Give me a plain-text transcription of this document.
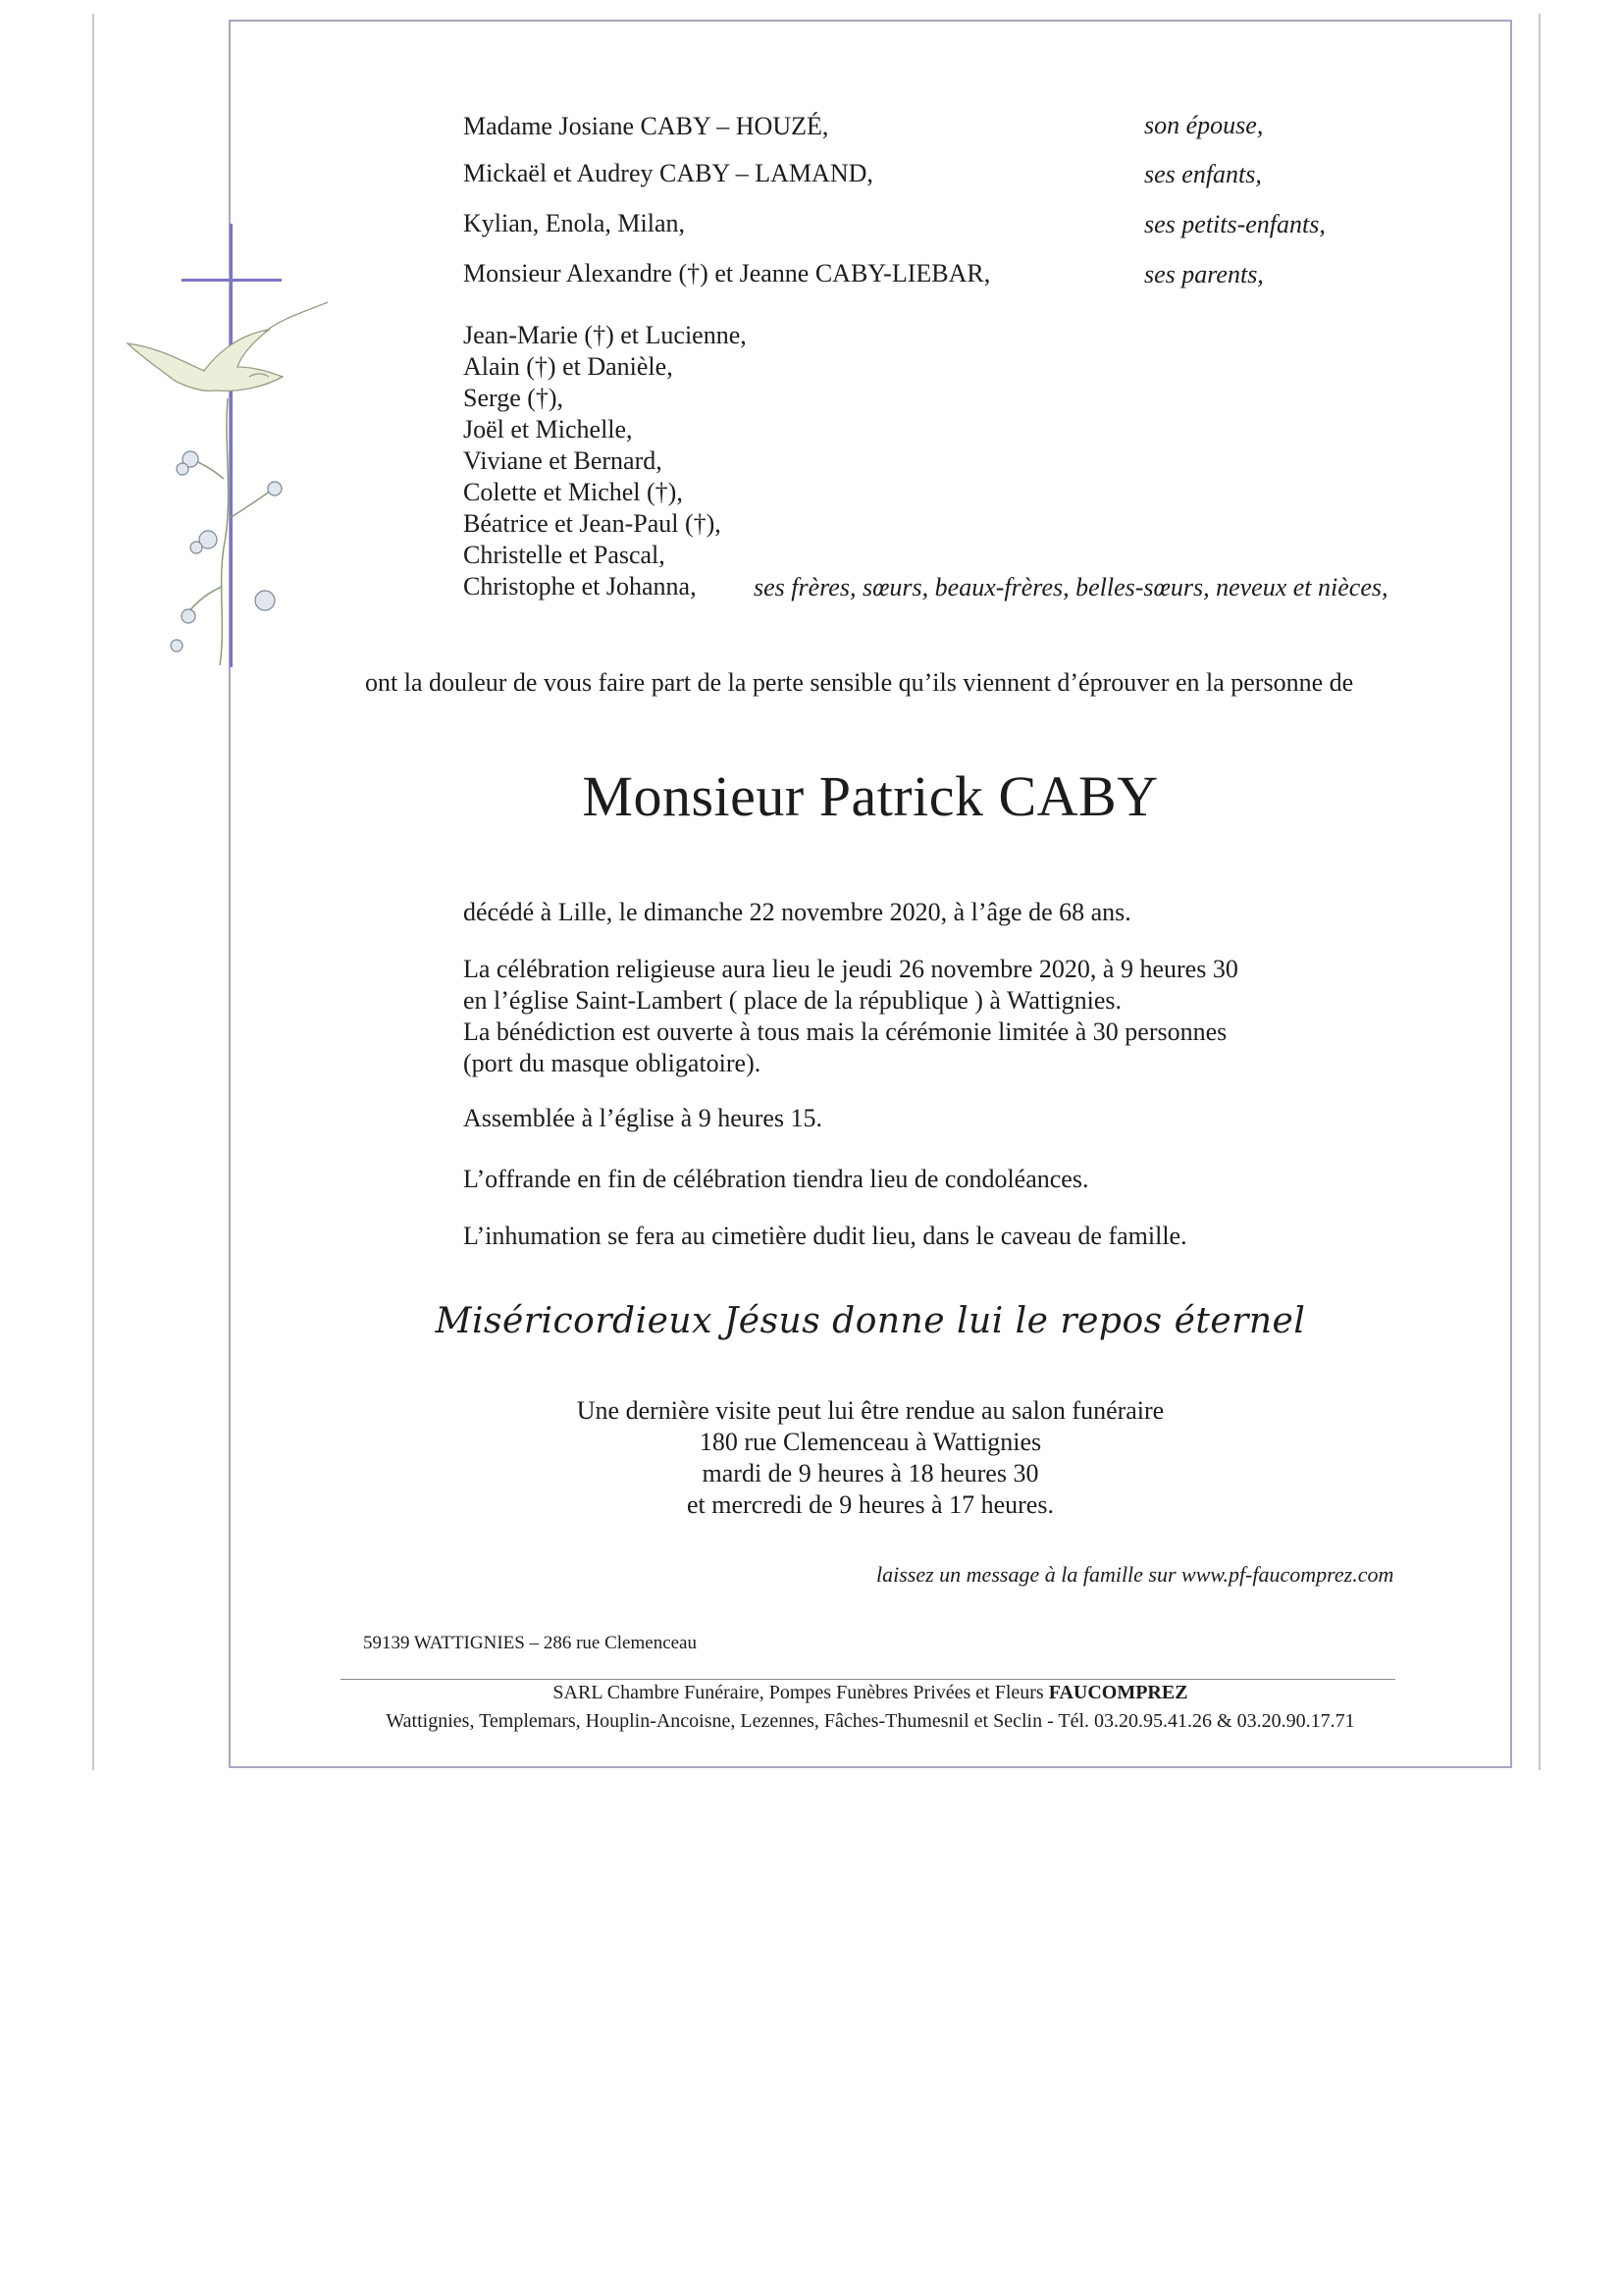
Madame Josiane CABY – HOUZÉ,	son épouse,
Mickaël et Audrey CABY – LAMAND,	ses enfants,
Kylian, Enola, Milan,	ses petits-enfants,
Monsieur Alexandre (†) et Jeanne CABY-LIEBAR,	ses parents,
Jean-Marie (†) et Lucienne,
Alain (†) et Danièle,
Serge (†),
Joël et Michelle,
Viviane et Bernard,
Colette et Michel (†),
Béatrice et Jean-Paul (†),
Christelle et Pascal,
Christophe et Johanna,	ses frères, sœurs, beaux-frères, belles-sœurs, neveux et nièces,
ont la douleur de vous faire part de la perte sensible qu’ils viennent d’éprouver en la personne de
Monsieur Patrick CABY
décédé à Lille, le dimanche 22 novembre 2020, à l’âge de 68 ans.
La célébration religieuse aura lieu le jeudi 26 novembre 2020, à 9 heures 30
en l’église Saint-Lambert ( place de la république ) à Wattignies.
La bénédiction est ouverte à tous mais la cérémonie limitée à 30 personnes
(port du masque obligatoire).
Assemblée à l’église à 9 heures 15.
L’offrande en fin de célébration tiendra lieu de condoléances.
L’inhumation se fera au cimetière dudit lieu, dans le caveau de famille.
Miséricordieux Jésus donne lui le repos éternel
Une dernière visite peut lui être rendue au salon funéraire
180 rue Clemenceau à Wattignies
mardi de 9 heures à 18 heures 30
et mercredi de 9 heures à 17 heures.
laissez un message à la famille sur www.pf-faucomprez.com
59139 WATTIGNIES – 286 rue Clemenceau
SARL Chambre Funéraire, Pompes Funèbres Privées et Fleurs FAUCOMPREZ
Wattignies, Templemars, Houplin-Ancoisne, Lezennes, Fâches-Thumesnil et Seclin - Tél. 03.20.95.41.26 & 03.20.90.17.71
